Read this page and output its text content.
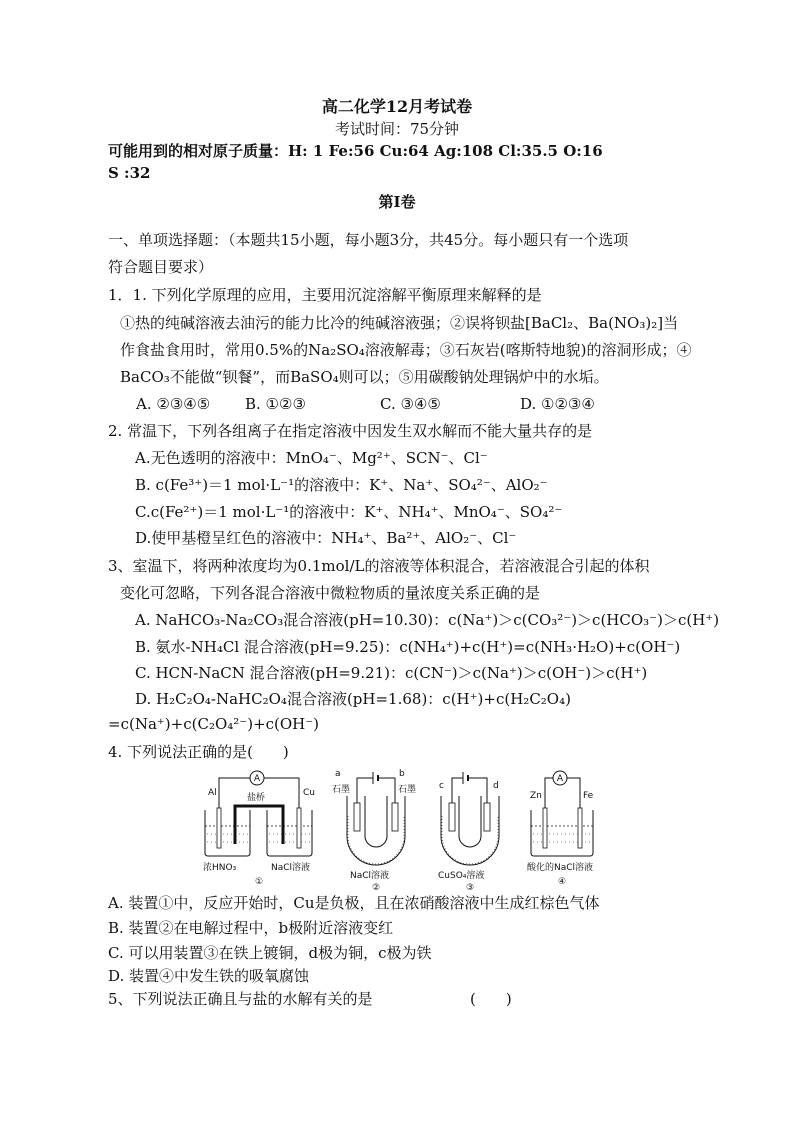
高二化学12月考试卷
考试时间：75分钟
可能用到的相对原子质量：H: 1 Fe:56 Cu:64 Ag:108 Cl:35.5 O:16
S :32
第Ⅰ卷
一、单项选择题：（本题共15小题，每小题3分，共45分。每小题只有一个选项
符合题目要求）
1．1. 下列化学原理的应用，主要用沉淀溶解平衡原理来解释的是
①热的纯碱溶液去油污的能力比冷的纯碱溶液强；②误将钡盐[BaCl₂、Ba(NO₃)₂]当
作食盐食用时，常用0.5%的Na₂SO₄溶液解毒；③石灰岩(喀斯特地貌)的溶洞形成；④
BaCO₃不能做“钡餐”，而BaSO₄则可以；⑤用碳酸钠处理锅炉中的水垢。
A. ②③④⑤ B. ①②③	C. ③④⑤	D. ①②③④
2. 常温下，下列各组离子在指定溶液中因发生双水解而不能大量共存的是
A.无色透明的溶液中：MnO₄⁻、Mg²⁺、SCN⁻、Cl⁻
B. c(Fe³⁺)＝1 mol·L⁻¹的溶液中：K⁺、Na⁺、SO₄²⁻、AlO₂⁻
C.c(Fe²⁺)＝1 mol·L⁻¹的溶液中：K⁺、NH₄⁺、MnO₄⁻、SO₄²⁻
D.使甲基橙呈红色的溶液中：NH₄⁺、Ba²⁺、AlO₂⁻、Cl⁻
3、室温下，将两种浓度均为0.1mol/L的溶液等体积混合，若溶液混合引起的体积
变化可忽略，下列各混合溶液中微粒物质的量浓度关系正确的是
A. NaHCO₃-Na₂CO₃混合溶液(pH=10.30)：c(Na⁺)＞c(CO₃²⁻)＞c(HCO₃⁻)＞c(H⁺)
B. 氨水-NH₄Cl 混合溶液(pH=9.25)：c(NH₄⁺)+c(H⁺)=c(NH₃·H₂O)+c(OH⁻)
C. HCN-NaCN 混合溶液(pH=9.21)：c(CN⁻)＞c(Na⁺)＞c(OH⁻)＞c(H⁺)
D. H₂C₂O₄-NaHC₂O₄混合溶液(pH=1.68)：c(H⁺)+c(H₂C₂O₄)
=c(Na⁺)+c(C₂O₄²⁻)+c(OH⁻)
4. 下列说法正确的是(　　)
A
Al	Cu
盐桥
浓HNO₃	NaCl溶液
①
a	b
石墨	石墨
NaCl溶液
②
c	d
CuSO₄溶液
③
A
Zn	Fe
酸化的NaCl溶液
④
A. 装置①中，反应开始时，Cu是负极，且在浓硝酸溶液中生成红棕色气体
B. 装置②在电解过程中，b极附近溶液变红
C. 可以用装置③在铁上镀铜，d极为铜，c极为铁
D. 装置④中发生铁的吸氧腐蚀
5、下列说法正确且与盐的水解有关的是	(　　)
